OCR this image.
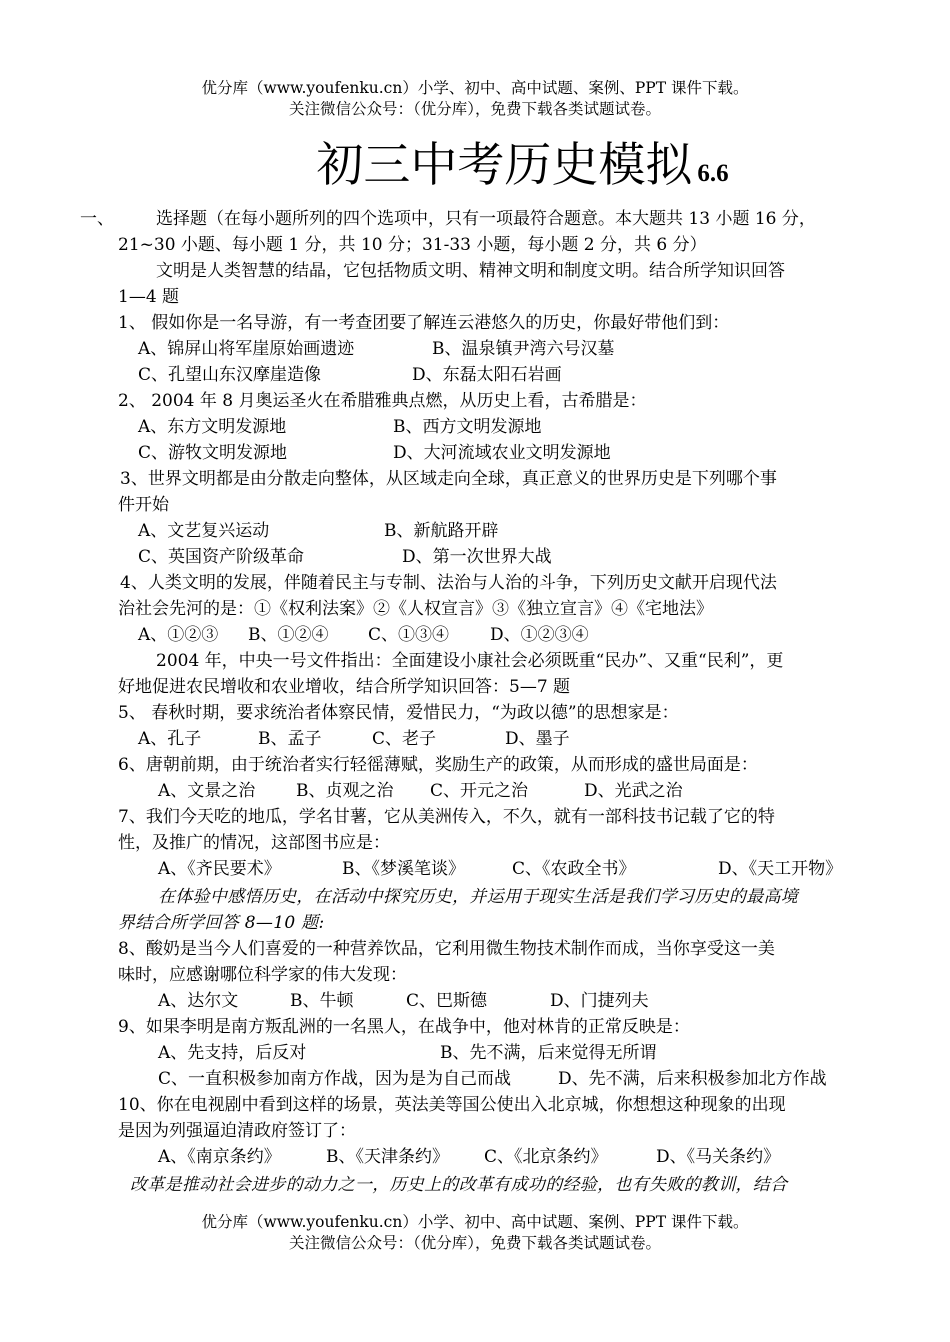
优分库（www.youfenku.cn）小学、初中、高中试题、案例、PPT 课件下载。
关注微信公众号：（优分库），免费下载各类试题试卷。
初三中考历史模拟 6.6
一、 选择题（在每小题所列的四个选项中，只有一项最符合题意。本大题共 13 小题 16 分，
21~30 小题、每小题 1 分，共 10 分；31-33 小题，每小题 2 分，共 6 分）
文明是人类智慧的结晶，它包括物质文明、精神文明和制度文明。结合所学知识回答
1—4 题
1、 假如你是一名导游，有一考查团要了解连云港悠久的历史，你最好带他们到：
A、锦屏山将军崖原始画遗迹	B、温泉镇尹湾六号汉墓
C、孔望山东汉摩崖造像	D、东磊太阳石岩画
2、 2004 年 8 月奥运圣火在希腊雅典点燃，从历史上看，古希腊是：
A、东方文明发源地	B、西方文明发源地
C、游牧文明发源地	D、大河流域农业文明发源地
3、世界文明都是由分散走向整体，从区域走向全球，真正意义的世界历史是下列哪个事
件开始
A、文艺复兴运动	B、新航路开辟
C、英国资产阶级革命	D、第一次世界大战
4、人类文明的发展，伴随着民主与专制、法治与人治的斗争，下列历史文献开启现代法
治社会先河的是：①《权利法案》②《人权宣言》③《独立宣言》④《宅地法》
A、①②③ B、①②④ C、①③④ D、①②③④
2004 年，中央一号文件指出：全面建设小康社会必须既重“民办”、又重“民利”，更
好地促进农民增收和农业增收，结合所学知识回答：5—7 题
5、 春秋时期，要求统治者体察民情，爱惜民力，“为政以德”的思想家是：
A、孔子	B、孟子	C、老子	D、墨子
6、唐朝前期，由于统治者实行轻徭薄赋，奖励生产的政策，从而形成的盛世局面是：
A、文景之治 B、贞观之治 C、开元之治	D、光武之治
7、我们今天吃的地瓜，学名甘薯，它从美洲传入，不久，就有一部科技书记载了它的特
性，及推广的情况，这部图书应是：
A、《齐民要术》	B、《梦溪笔谈》	C、《农政全书》	D、《天工开物》
在体验中感悟历史，在活动中探究历史，并运用于现实生活是我们学习历史的最高境
界结合所学回答 8—10 题:
8、酸奶是当今人们喜爱的一种营养饮品，它利用微生物技术制作而成，当你享受这一美
味时，应感谢哪位科学家的伟大发现：
A、达尔文	B、牛顿	C、巴斯德	D、门捷列夫
9、如果李明是南方叛乱洲的一名黑人，在战争中，他对林肯的正常反映是：
A、先支持，后反对	B、先不满，后来觉得无所谓
C、一直积极参加南方作战，因为是为自己而战	D、先不满，后来积极参加北方作战
10、你在电视剧中看到这样的场景，英法美等国公使出入北京城，你想想这种现象的出现
是因为列强逼迫清政府签订了：
A、《南京条约》	B、《天津条约》 C、《北京条约》	D、《马关条约》
改革是推动社会进步的动力之一，历史上的改革有成功的经验，也有失败的教训，结合
优分库（www.youfenku.cn）小学、初中、高中试题、案例、PPT 课件下载。
关注微信公众号：（优分库），免费下载各类试题试卷。
